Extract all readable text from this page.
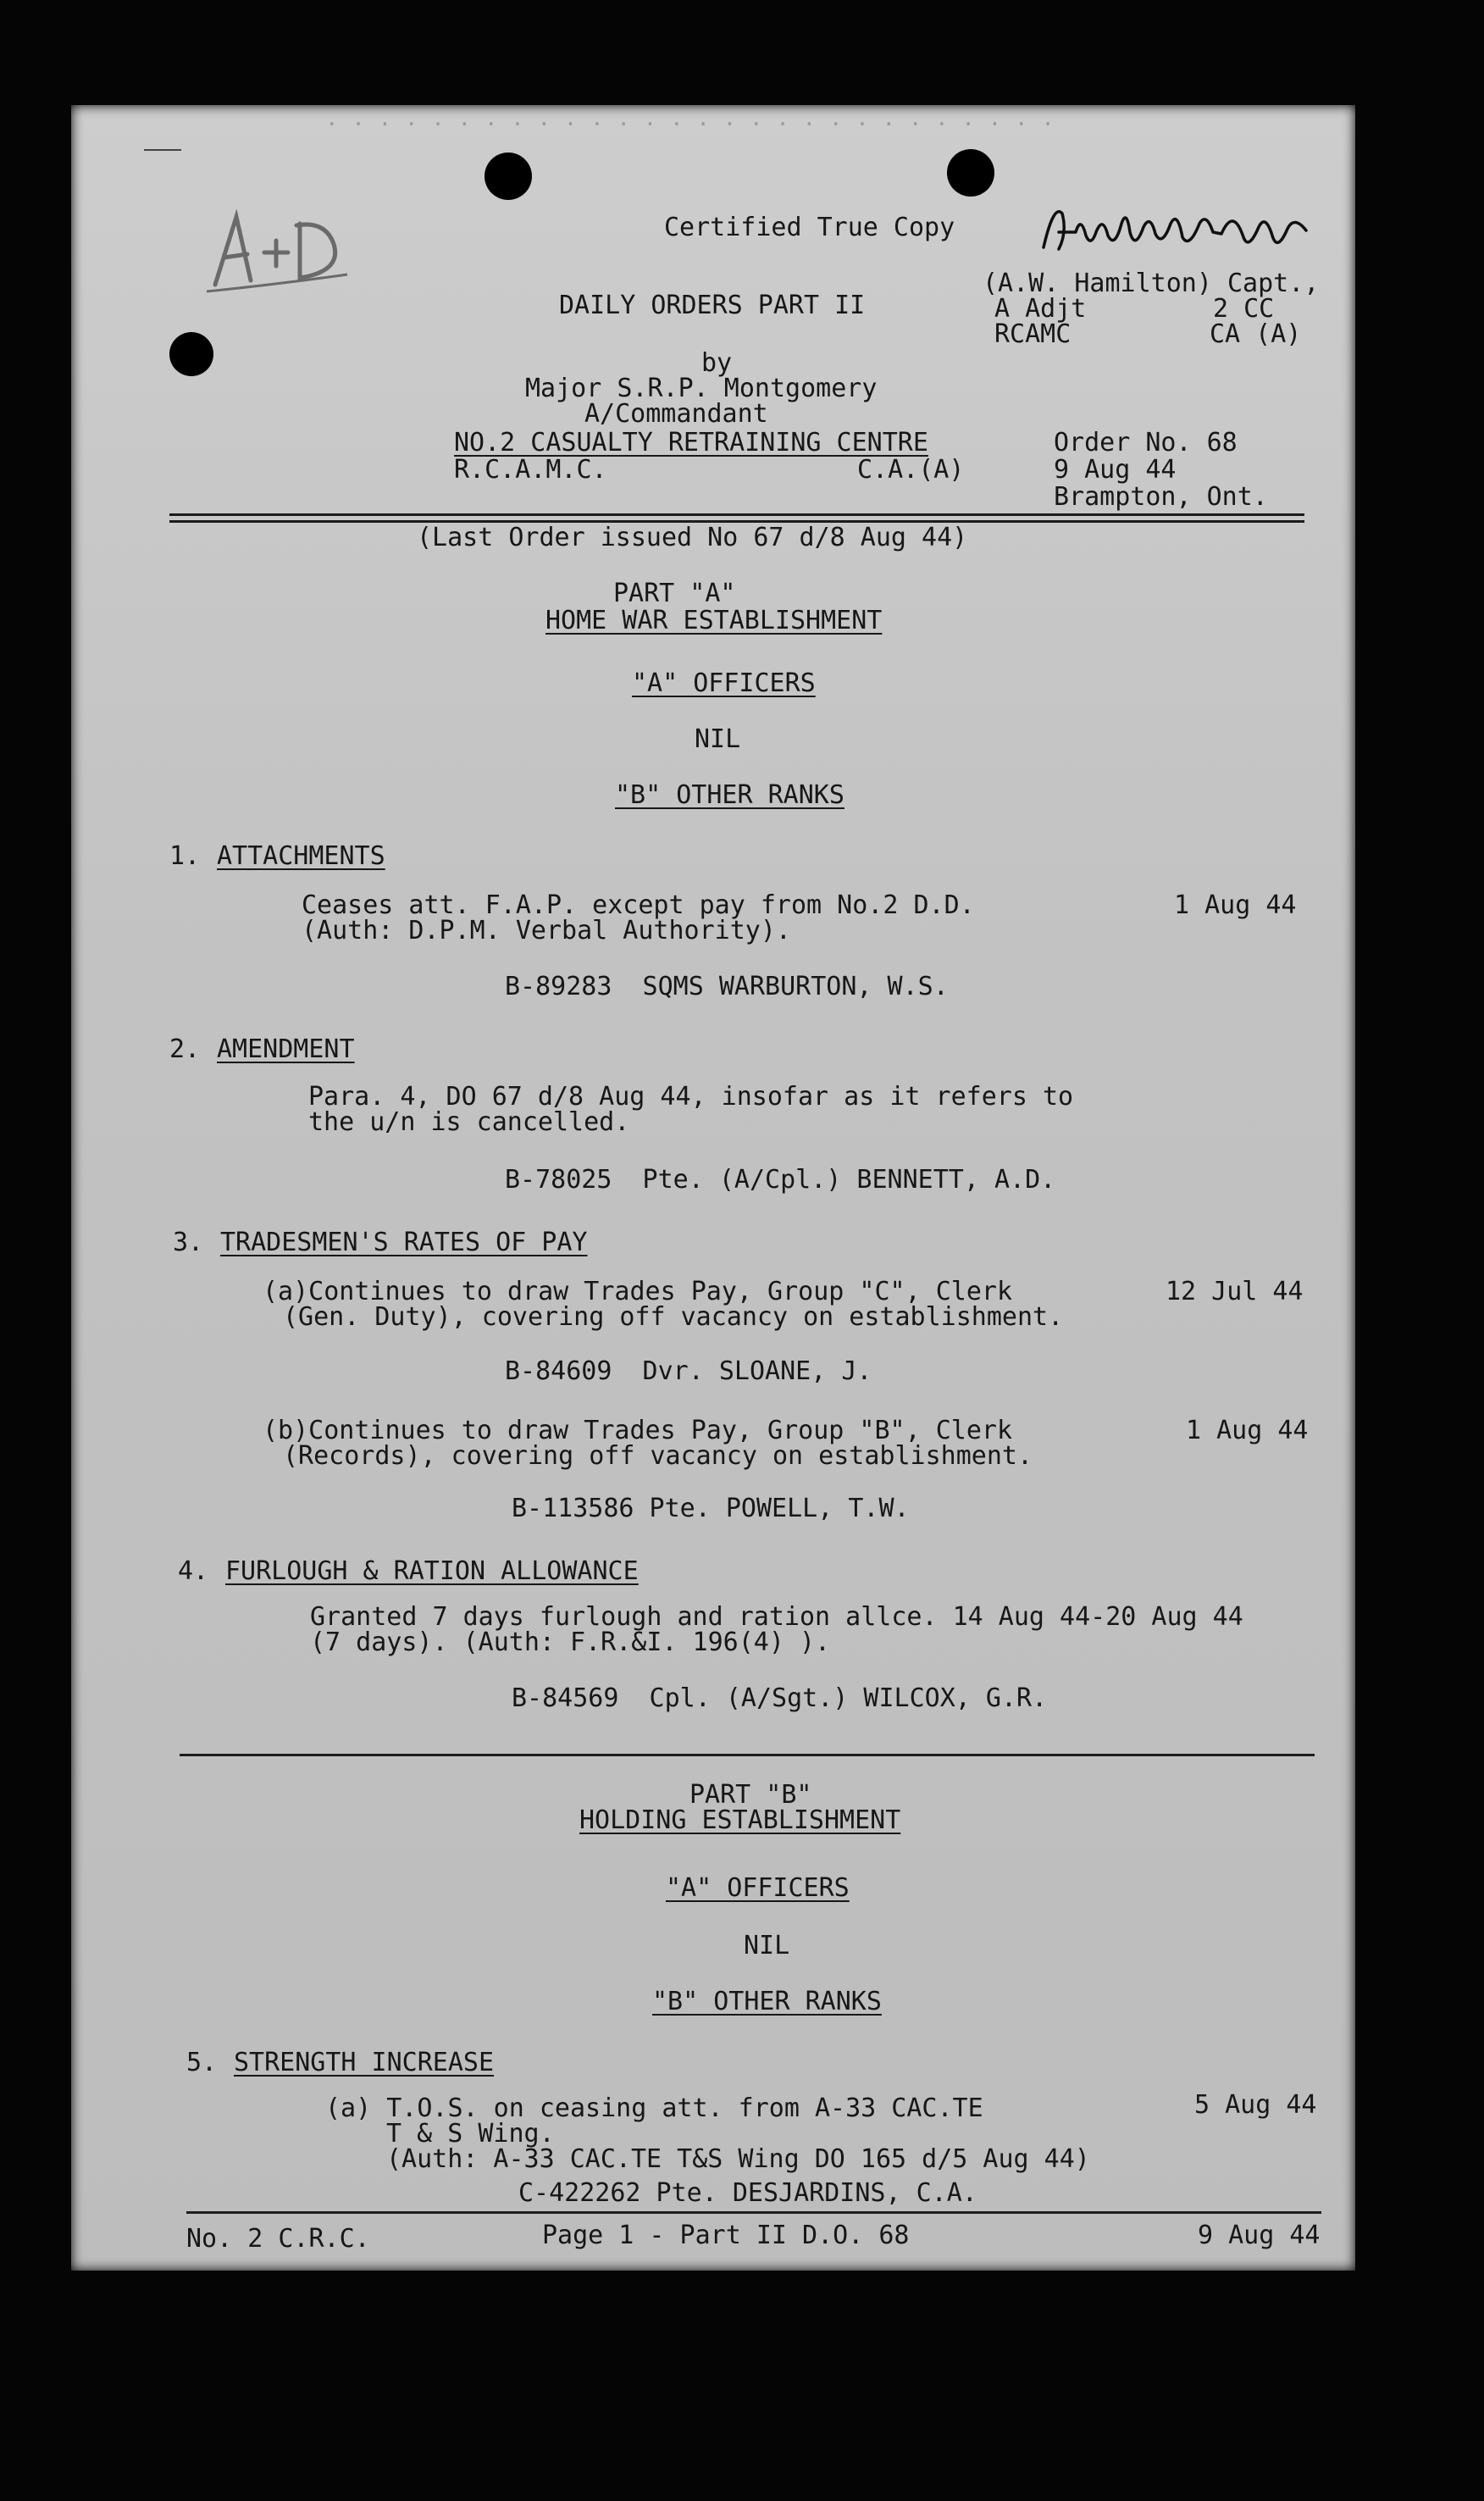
· · · · · · · · · · · · · · · · · · · · · · · · · · · ·
Certified True Copy
DAILY ORDERS PART II
by
Major S.R.P. Montgomery
A/Commandant
NO.2 CASUALTY RETRAINING CENTRE
R.C.A.M.C.	C.A.(A)
(A.W. Hamilton) Capt.,
A Adjt	2 CC
RCAMC	CA (A)
Order No. 68
9 Aug 44
Brampton, Ont.
(Last Order issued No 67 d/8 Aug 44)
PART "A"
HOME WAR ESTABLISHMENT
"A" OFFICERS
NIL
"B" OTHER RANKS
1. ATTACHMENTS
Ceases att. F.A.P. except pay from No.2 D.D.
(Auth: D.P.M. Verbal Authority).
1 Aug 44
B-89283  SQMS WARBURTON, W.S.
2. AMENDMENT
Para. 4, DO 67 d/8 Aug 44, insofar as it refers to
the u/n is cancelled.
B-78025  Pte. (A/Cpl.) BENNETT, A.D.
3. TRADESMEN'S RATES OF PAY
(a)Continues to draw Trades Pay, Group "C", Clerk
(Gen. Duty), covering off vacancy on establishment.
12 Jul 44
B-84609  Dvr. SLOANE, J.
(b)Continues to draw Trades Pay, Group "B", Clerk
(Records), covering off vacancy on establishment.
1 Aug 44
B-113586 Pte. POWELL, T.W.
4. FURLOUGH & RATION ALLOWANCE
Granted 7 days furlough and ration allce. 14 Aug 44-20 Aug 44
(7 days). (Auth: F.R.&I. 196(4) ).
B-84569  Cpl. (A/Sgt.) WILCOX, G.R.
PART "B"
HOLDING ESTABLISHMENT
"A" OFFICERS
NIL
"B" OTHER RANKS
5. STRENGTH INCREASE
(a) T.O.S. on ceasing att. from A-33 CAC.TE
T & S Wing.
(Auth: A-33 CAC.TE T&S Wing DO 165 d/5 Aug 44)
5 Aug 44
C-422262 Pte. DESJARDINS, C.A.
No. 2 C.R.C.	Page 1 - Part II D.O. 68	9 Aug 44
